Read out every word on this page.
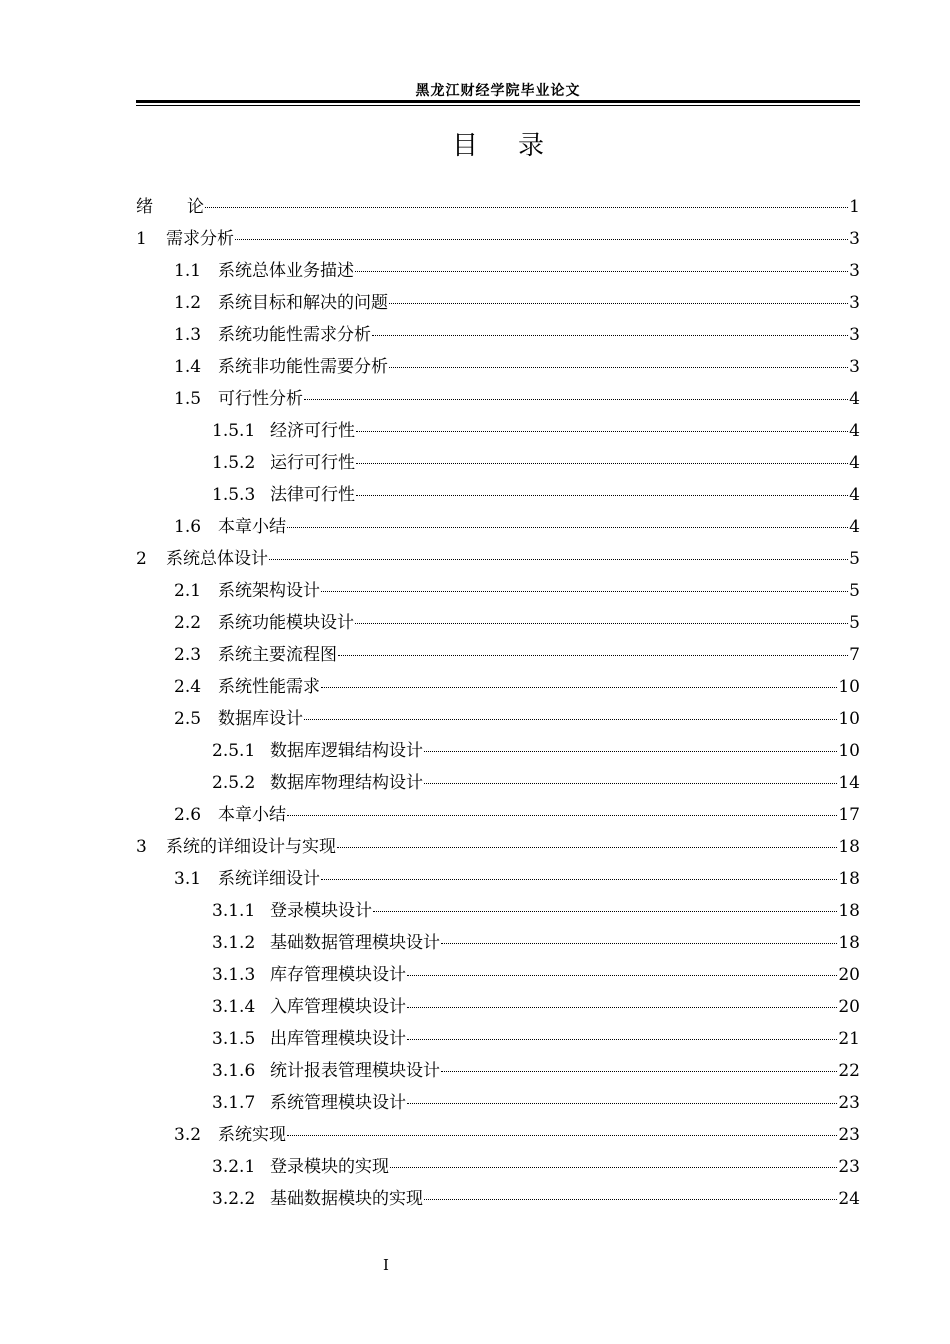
黑龙江财经学院毕业论文
目 录
绪　　论	1
1	需求分析	3
1.1 系统总体业务描述	3
1.2 系统目标和解决的问题	3
1.3 系统功能性需求分析	3
1.4 系统非功能性需要分析	3
1.5 可行性分析	4
1.5.1 经济可行性	4
1.5.2 运行可行性	4
1.5.3 法律可行性	4
1.6 本章小结	4
2	系统总体设计	5
2.1 系统架构设计	5
2.2 系统功能模块设计	5
2.3 系统主要流程图	7
2.4 系统性能需求	10
2.5 数据库设计	10
2.5.1 数据库逻辑结构设计	10
2.5.2 数据库物理结构设计	14
2.6 本章小结	17
3	系统的详细设计与实现	18
3.1 系统详细设计	18
3.1.1 登录模块设计	18
3.1.2 基础数据管理模块设计	18
3.1.3 库存管理模块设计	20
3.1.4 入库管理模块设计	20
3.1.5 出库管理模块设计	21
3.1.6 统计报表管理模块设计	22
3.1.7 系统管理模块设计	23
3.2 系统实现	23
3.2.1 登录模块的实现	23
3.2.2 基础数据模块的实现	24
I
